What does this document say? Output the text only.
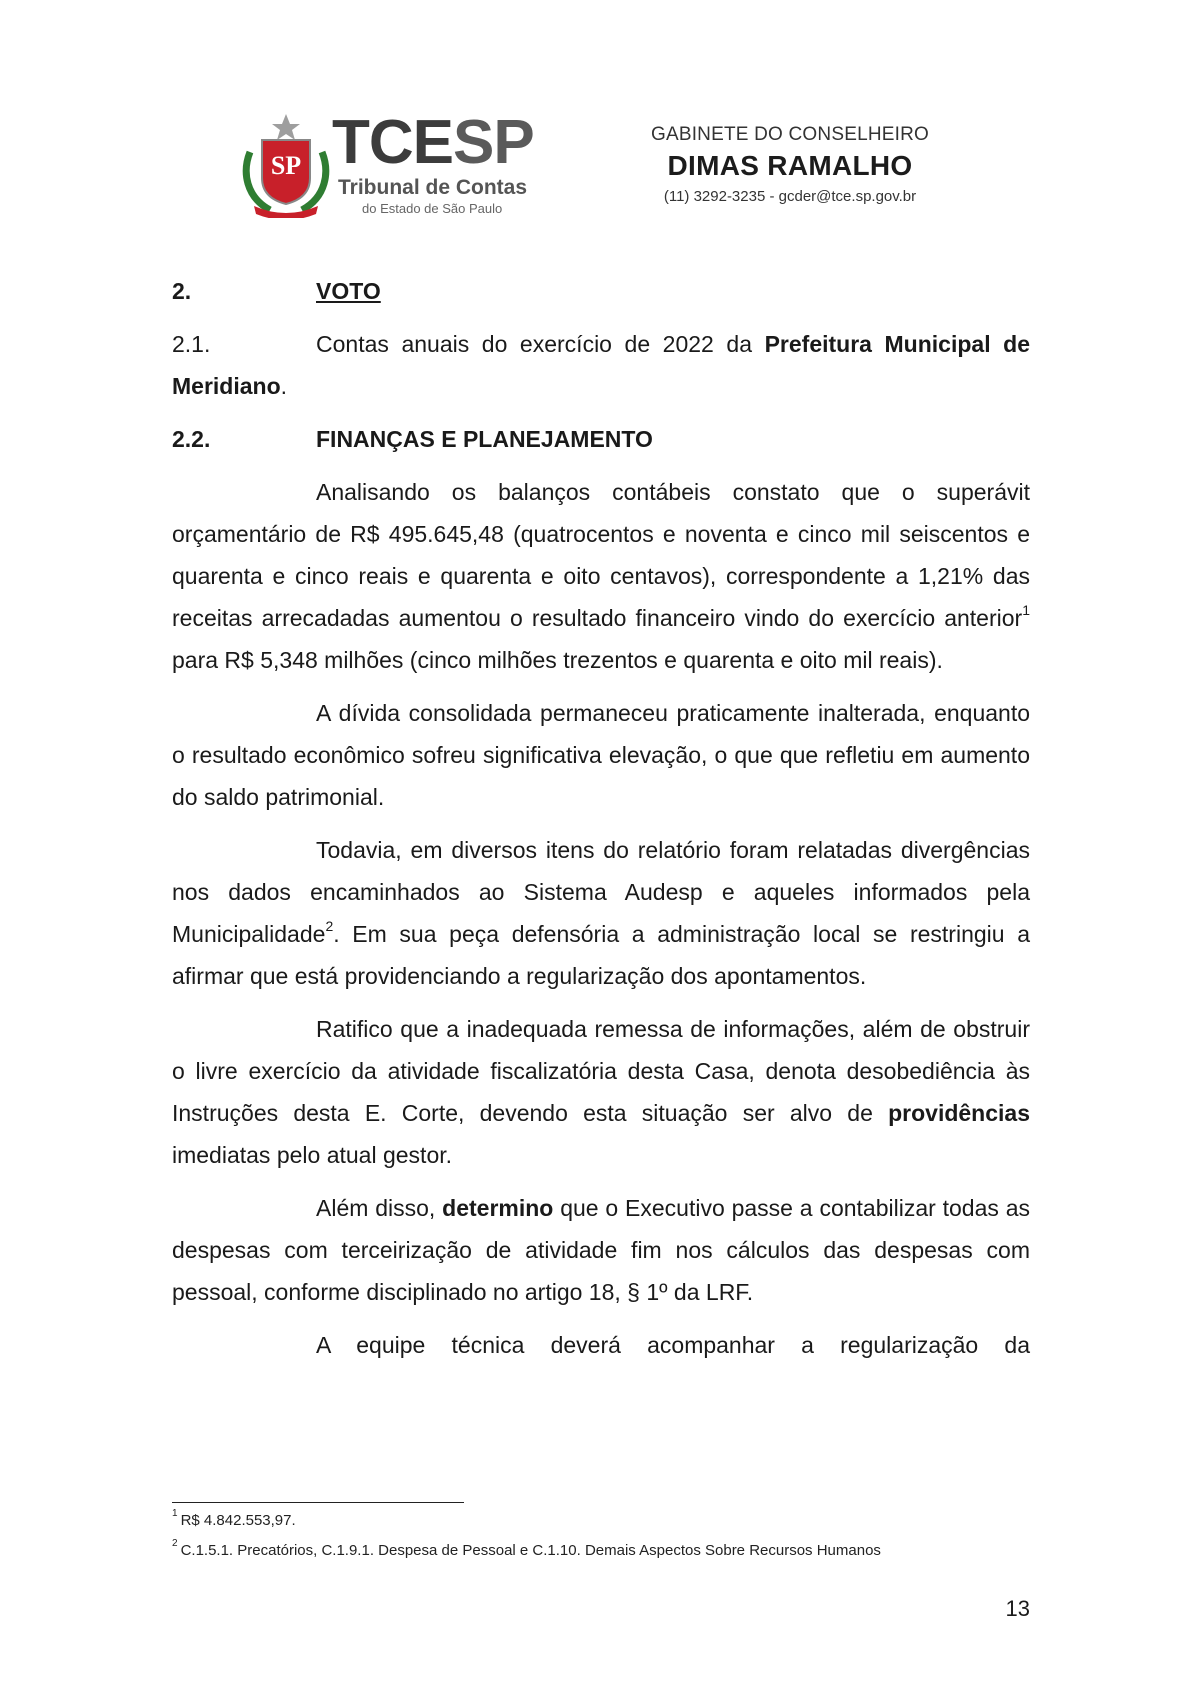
SP TCESP
Tribunal de Contas
do Estado de São Paulo
GABINETE DO CONSELHEIRO
DIMAS RAMALHO
(11) 3292-3235 - gcder@tce.sp.gov.br

2.	VOTO

2.1.	Contas anuais do exercício de 2022 da Prefeitura Municipal de Meridiano.

2.2.	FINANÇAS E PLANEJAMENTO

Analisando os balanços contábeis constato que o superávit orçamentário de R$ 495.645,48 (quatrocentos e noventa e cinco mil seiscentos e quarenta e cinco reais e quarenta e oito centavos), correspondente a 1,21% das receitas arrecadadas aumentou o resultado financeiro vindo do exercício anterior$^1$ para R$ 5,348 milhões (cinco milhões trezentos e quarenta e oito mil reais).

A dívida consolidada permaneceu praticamente inalterada, enquanto o resultado econômico sofreu significativa elevação, o que que refletiu em aumento do saldo patrimonial.

Todavia, em diversos itens do relatório foram relatadas divergências nos dados encaminhados ao Sistema Audesp e aqueles informados pela Municipalidade$^2$. Em sua peça defensória a administração local se restringiu a afirmar que está providenciando a regularização dos apontamentos.

Ratifico que a inadequada remessa de informações, além de obstruir o livre exercício da atividade fiscalizatória desta Casa, denota desobediência às Instruções desta E. Corte, devendo esta situação ser alvo de providências imediatas pelo atual gestor.

Além disso, determino que o Executivo passe a contabilizar todas as despesas com terceirização de atividade fim nos cálculos das despesas com pessoal, conforme disciplinado no artigo 18, § 1º da LRF.

A equipe técnica deverá acompanhar a regularização da

$^1$ R$ 4.842.553,97.

$^2$ C.1.5.1. Precatórios, C.1.9.1. Despesa de Pessoal e C.1.10. Demais Aspectos Sobre Recursos Humanos

13
